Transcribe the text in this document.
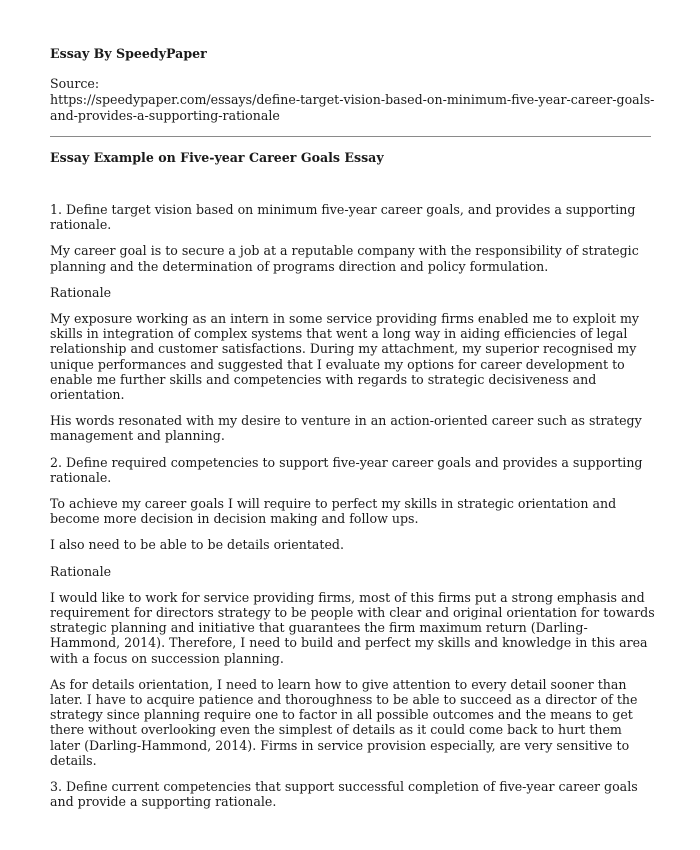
Essay By SpeedyPaper

Source:

https://speedypaper.com/essays/define-target-vision-based-on-minimum-five-year-career-goals-and-provides-a-supporting-rationale

Essay Example on Five-year Career Goals Essay

1. Define target vision based on minimum five-year career goals, and provides a supporting rationale.

My career goal is to secure a job at a reputable company with the responsibility of strategic planning and the determination of programs direction and policy formulation.

Rationale

My exposure working as an intern in some service providing firms enabled me to exploit my skills in integration of complex systems that went a long way in aiding efficiencies of legal relationship and customer satisfactions. During my attachment, my superior recognised my unique performances and suggested that I evaluate my options for career development to enable me further skills and competencies with regards to strategic decisiveness and orientation.

His words resonated with my desire to venture in an action-oriented career such as strategy management and planning.

2. Define required competencies to support five-year career goals and provides a supporting rationale.

To achieve my career goals I will require to perfect my skills in strategic orientation and become more decision in decision making and follow ups.

I also need to be able to be details orientated.

Rationale

I would like to work for service providing firms, most of this firms put a strong emphasis and requirement for directors strategy to be people with clear and original orientation for towards strategic planning and initiative that guarantees the firm maximum return (Darling-Hammond, 2014). Therefore, I need to build and perfect my skills and knowledge in this area with a focus on succession planning.

As for details orientation, I need to learn how to give attention to every detail sooner than later. I have to acquire patience and thoroughness to be able to succeed as a director of the strategy since planning require one to factor in all possible outcomes and the means to get there without overlooking even the simplest of details as it could come back to hurt them later (Darling-Hammond, 2014). Firms in service provision especially, are very sensitive to details.

3. Define current competencies that support successful completion of five-year career goals and provide a supporting rationale.
